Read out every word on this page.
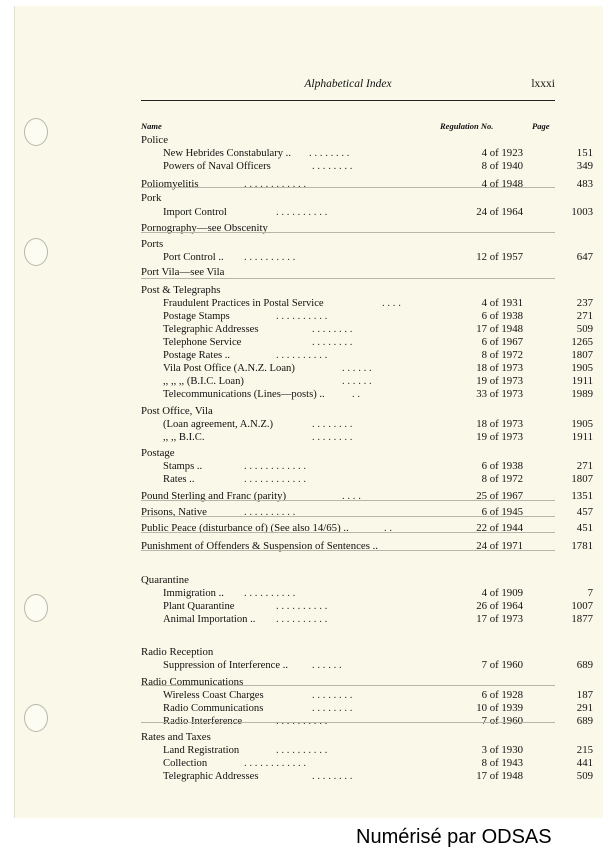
Alphabetical Index	lxxxi
Name	Regulation No.	Page
Police
New Hebrides Constabulary .. . . . . . . . .	4 of 1923	151
Powers of Naval Officers	. . . . . . . .	8 of 1940	349
Poliomyelitis	. . . . . . . . . . . .	4 of 1948	483
Pork
Import Control	. . . . . . . . . .	24 of 1964	1003
Pornography—see Obscenity
Ports
Port Control .. . . . . . . . . . .	12 of 1957	647
Port Vila—see Vila
Post & Telegraphs
Fraudulent Practices in Postal Service	. . . .	4 of 1931	237
Postage Stamps	. . . . . . . . . .	6 of 1938	271
Telegraphic Addresses	. . . . . . . .	17 of 1948	509
Telephone Service	. . . . . . . .	6 of 1967	1265
Postage Rates ..	. . . . . . . . . .	8 of 1972	1807
Vila Post Office (A.N.Z. Loan)	. . . . . .	18 of 1973	1905
,, ,, ,, (B.I.C. Loan)	. . . . . .	19 of 1973	1911
Telecommunications (Lines—posts) ..	. .	33 of 1973	1989
Post Office, Vila
(Loan agreement, A.N.Z.)	. . . . . . . .	18 of 1973	1905
,, ,, B.I.C.	. . . . . . . .	19 of 1973	1911
Postage
Stamps ..	. . . . . . . . . . . .	6 of 1938	271
Rates ..	. . . . . . . . . . . .	8 of 1972	1807
Pound Sterling and Franc (parity)	. . . .	25 of 1967	1351
Prisons, Native	. . . . . . . . . .	6 of 1945	457
Public Peace (disturbance of) (See also 14/65) ..	. .	22 of 1944	451
Punishment of Offenders & Suspension of Sentences ..	24 of 1971	1781
Quarantine
Immigration .. . . . . . . . . . .	4 of 1909	7
Plant Quarantine	. . . . . . . . . .	26 of 1964	1007
Animal Importation .. . . . . . . . . . .	17 of 1973	1877
Radio Reception
Suppression of Interference .. . . . . . .	7 of 1960	689
Radio Communications
Wireless Coast Charges	. . . . . . . .	6 of 1928	187
Radio Communications	. . . . . . . .	10 of 1939	291
Radio Interference	. . . . . . . . . .	7 of 1960	689
Rates and Taxes
Land Registration	. . . . . . . . . .	3 of 1930	215
Collection	. . . . . . . . . . . .	8 of 1943	441
Telegraphic Addresses	. . . . . . . .	17 of 1948	509
Numérisé par ODSAS
